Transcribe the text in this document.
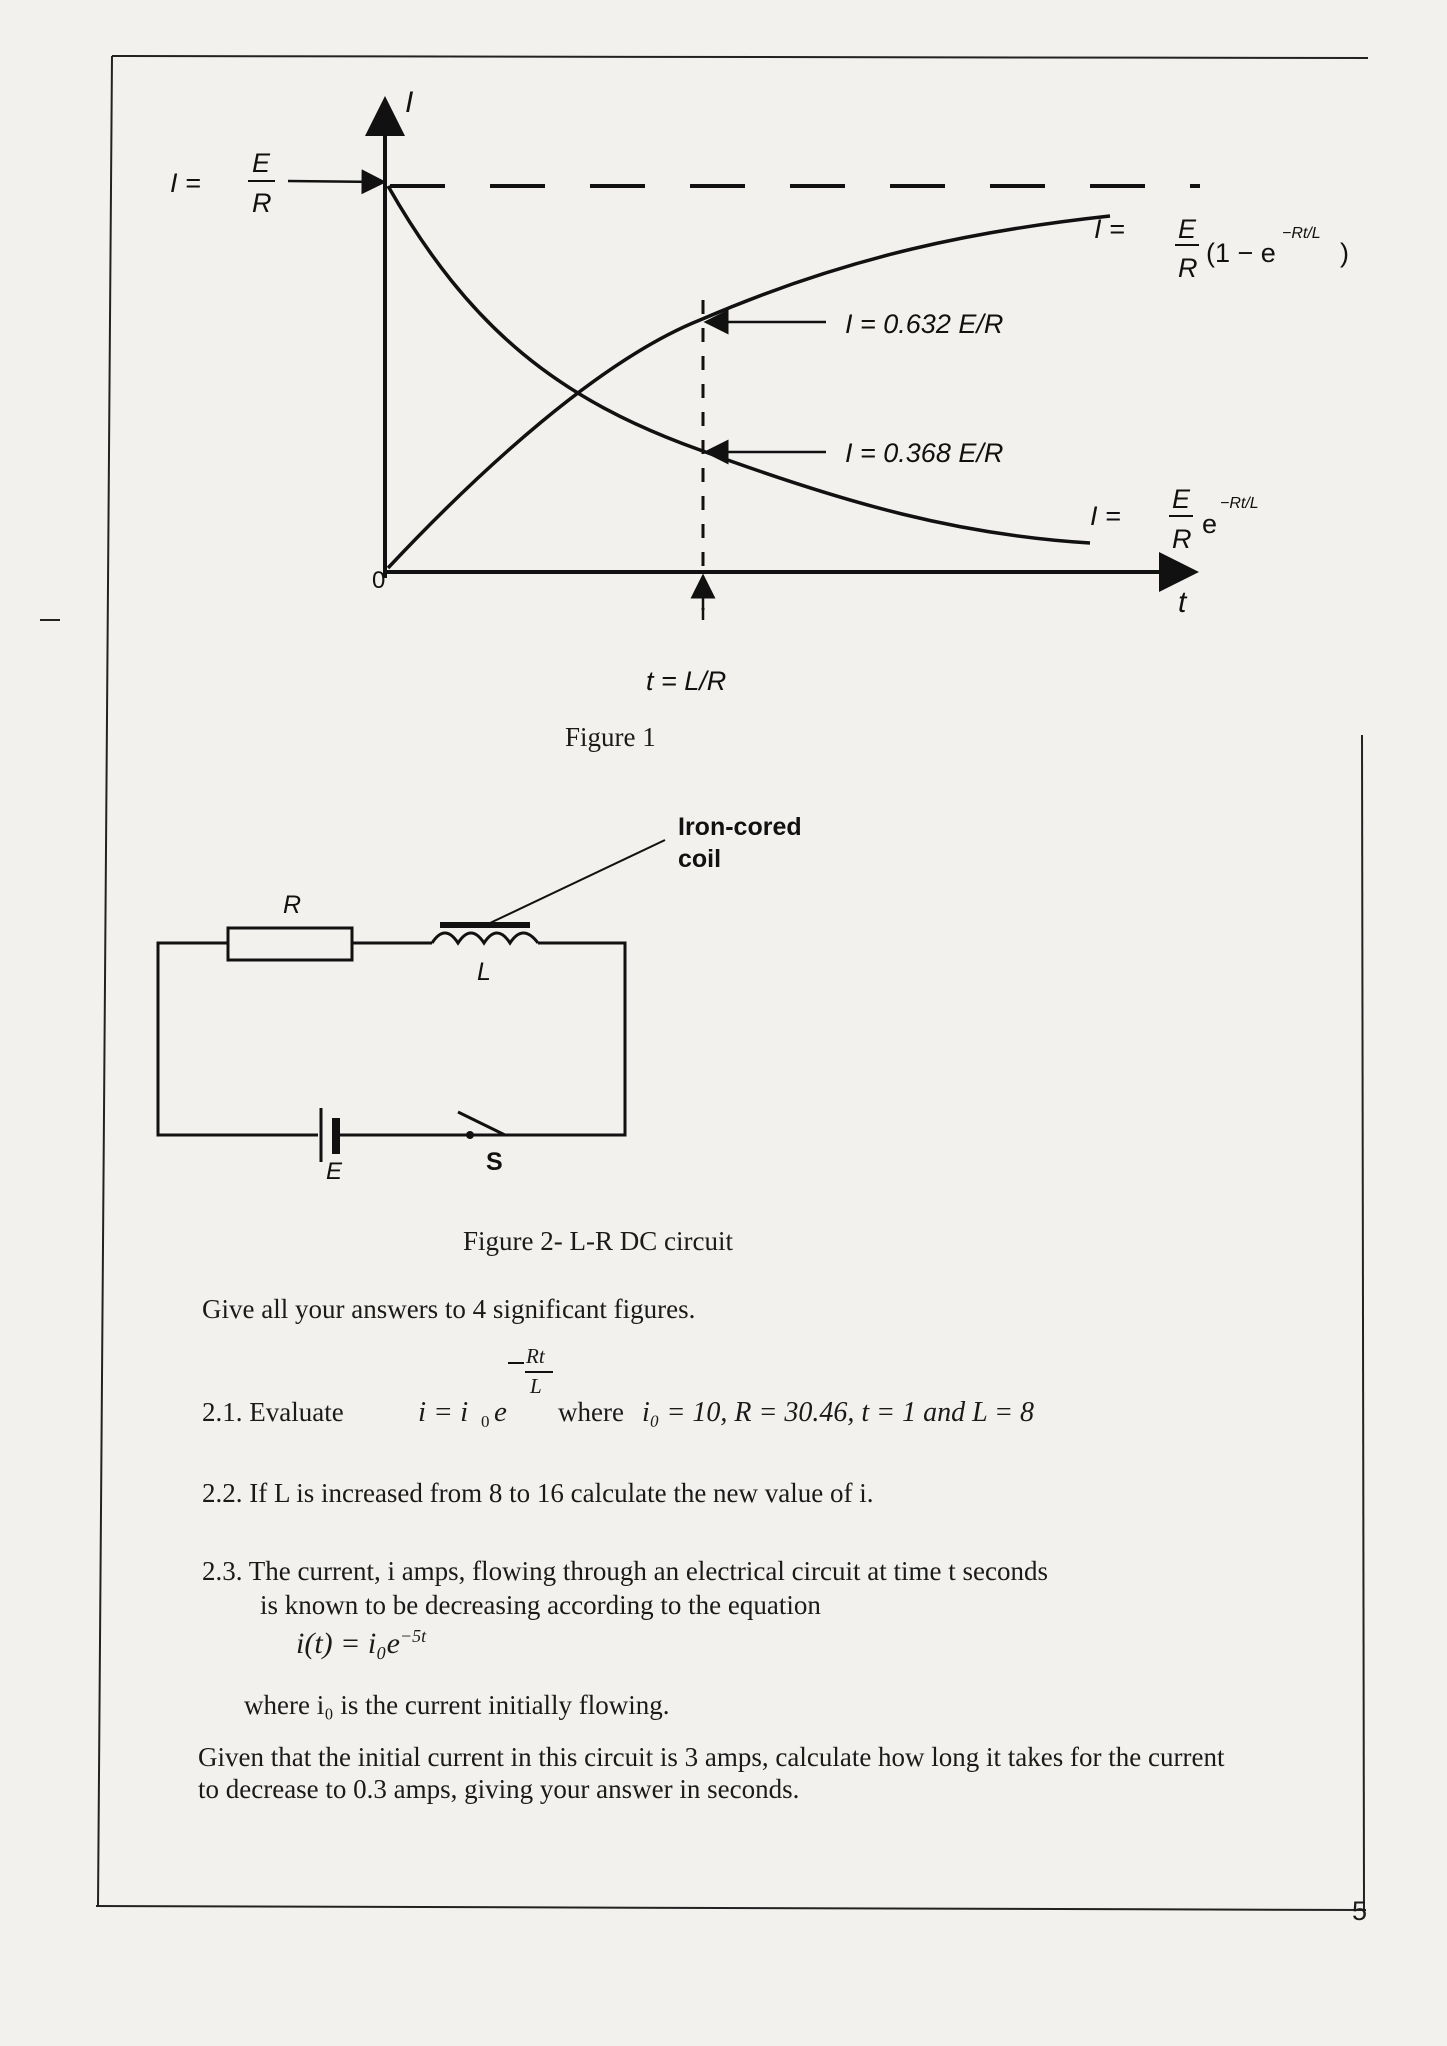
I
t
0
t = L/R
I =
E
R
I = E
R (1 − e
−Rt/L
)
I = 0.632 E/R
I = 0.368 E/R
I =
E
R e
−Rt/L
Figure 1
Iron-cored
coil
R
L
E	S
Figure 2- L-R DC circuit
Give all your answers to 4 significant figures.
2.1. Evaluate	i = i 0 e
Rt
L
where i₀ = 10, R = 30.46, t = 1 and L = 8
2.2. If L is increased from 8 to 16 calculate the new value of i.
2.3. The current, i amps, flowing through an electrical circuit at time t seconds
is known to be decreasing according to the equation
$i(t) = i_0e^{-5t}$
where i₀ is the current initially flowing.
Given that the initial current in this circuit is 3 amps, calculate how long it takes for the current
to decrease to 0.3 amps, giving your answer in seconds.
5
